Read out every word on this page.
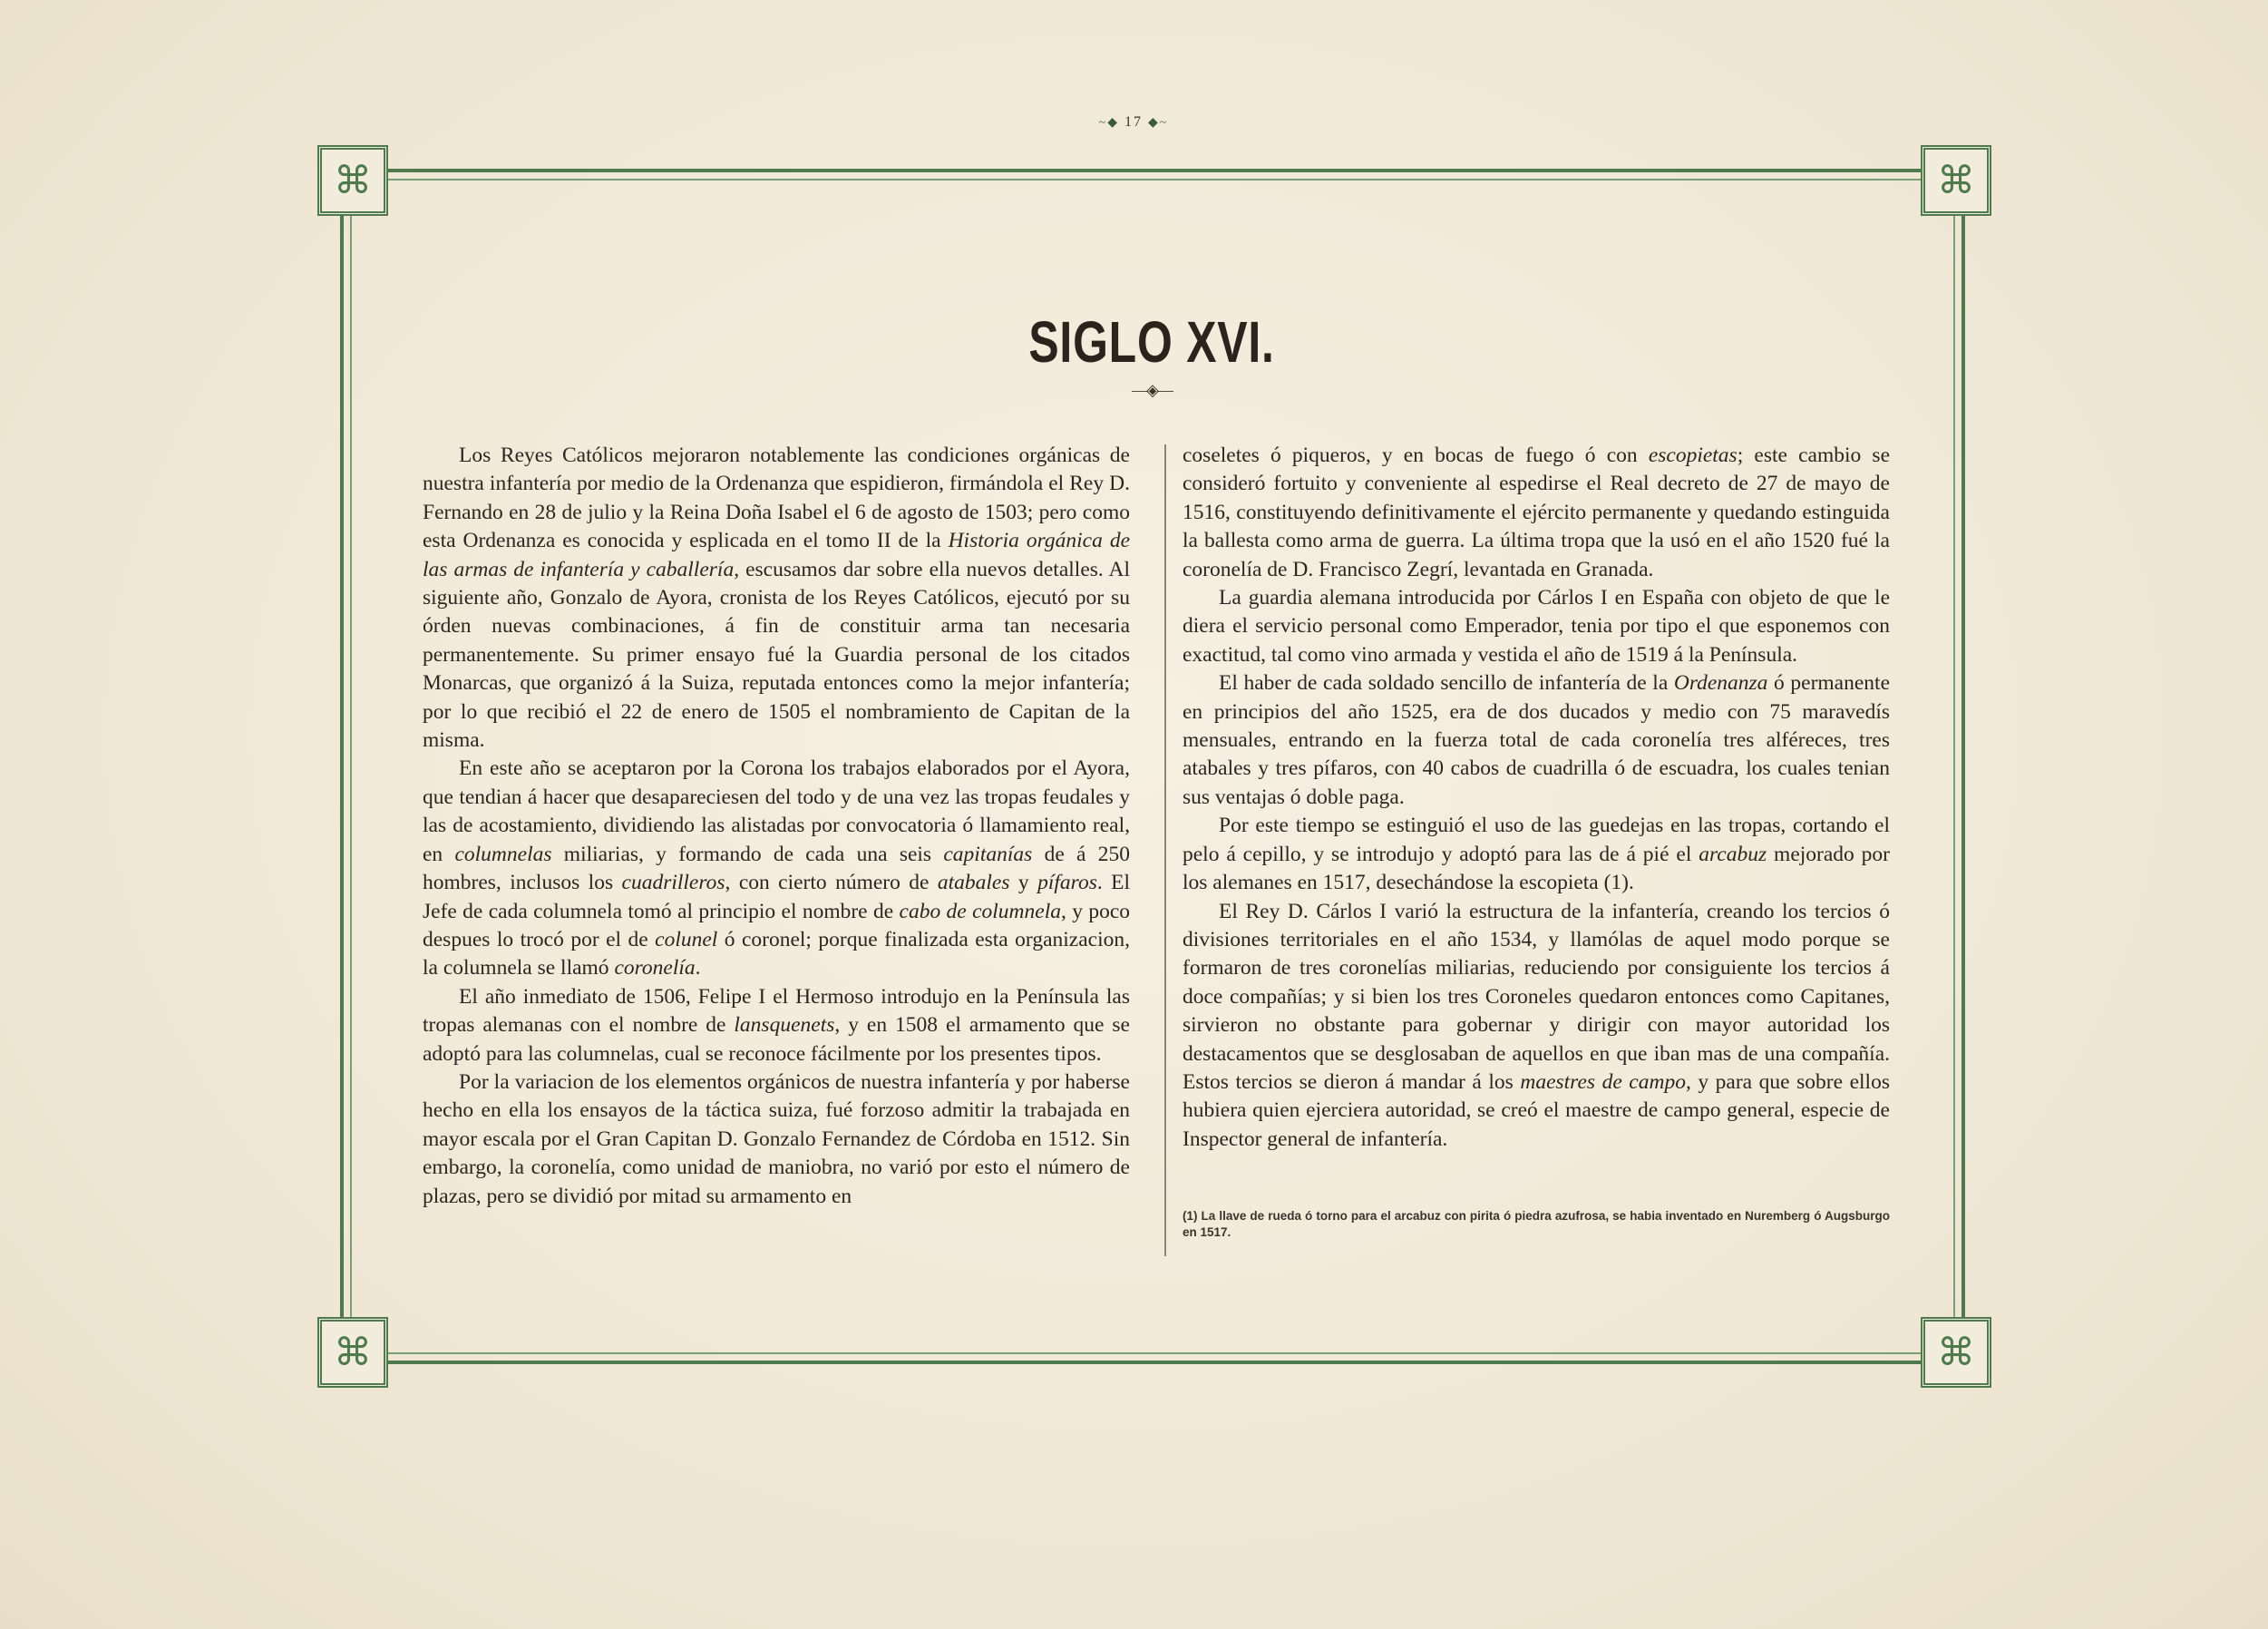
~◆ 17 ◆~
⌘	⌘
⌘	⌘
SIGLO XVI.
—◈—

Los Reyes Católicos mejoraron notablemente las condiciones orgánicas de nuestra infantería por medio de la Ordenanza que espidieron, firmándola el Rey D. Fernando en 28 de julio y la Reina Doña Isabel el 6 de agosto de 1503; pero como esta Ordenanza es conocida y esplicada en el tomo II de la Historia orgánica de las armas de infantería y caballería, escusamos dar sobre ella nuevos detalles. Al siguiente año, Gonzalo de Ayora, cronista de los Reyes Católicos, ejecutó por su órden nuevas combinaciones, á fin de constituir arma tan necesaria permanentemente. Su primer ensayo fué la Guardia personal de los citados Monarcas, que organizó á la Suiza, reputada entonces como la mejor infantería; por lo que recibió el 22 de enero de 1505 el nombramiento de Capitan de la misma.

En este año se aceptaron por la Corona los trabajos elaborados por el Ayora, que tendian á hacer que desapareciesen del todo y de una vez las tropas feudales y las de acostamiento, dividiendo las alistadas por convocatoria ó llamamiento real, en columnelas miliarias, y formando de cada una seis capitanías de á 250 hombres, inclusos los cuadrilleros, con cierto número de atabales y pífaros. El Jefe de cada columnela tomó al principio el nombre de cabo de columnela, y poco despues lo trocó por el de colunel ó coronel; porque finalizada esta organizacion, la columnela se llamó coronelía.

El año inmediato de 1506, Felipe I el Hermoso introdujo en la Península las tropas alemanas con el nombre de lansquenets, y en 1508 el armamento que se adoptó para las columnelas, cual se reconoce fácilmente por los presentes tipos.

Por la variacion de los elementos orgánicos de nuestra infantería y por haberse hecho en ella los ensayos de la táctica suiza, fué forzoso admitir la trabajada en mayor escala por el Gran Capitan D. Gonzalo Fernandez de Córdoba en 1512. Sin embargo, la coronelía, como unidad de maniobra, no varió por esto el número de plazas, pero se dividió por mitad su armamento en

coseletes ó piqueros, y en bocas de fuego ó con escopietas; este cambio se consideró fortuito y conveniente al espedirse el Real decreto de 27 de mayo de 1516, constituyendo definitivamente el ejército permanente y quedando estinguida la ballesta como arma de guerra. La última tropa que la usó en el año 1520 fué la coronelía de D. Francisco Zegrí, levantada en Granada.

La guardia alemana introducida por Cárlos I en España con objeto de que le diera el servicio personal como Emperador, tenia por tipo el que esponemos con exactitud, tal como vino armada y vestida el año de 1519 á la Península.

El haber de cada soldado sencillo de infantería de la Ordenanza ó permanente en principios del año 1525, era de dos ducados y medio con 75 maravedís mensuales, entrando en la fuerza total de cada coronelía tres alféreces, tres atabales y tres pífaros, con 40 cabos de cuadrilla ó de escuadra, los cuales tenian sus ventajas ó doble paga.

Por este tiempo se estinguió el uso de las guedejas en las tropas, cortando el pelo á cepillo, y se introdujo y adoptó para las de á pié el arcabuz mejorado por los alemanes en 1517, desechándose la escopieta (1).

El Rey D. Cárlos I varió la estructura de la infantería, creando los tercios ó divisiones territoriales en el año 1534, y llamólas de aquel modo porque se formaron de tres coronelías miliarias, reduciendo por consiguiente los tercios á doce compañías; y si bien los tres Coroneles quedaron entonces como Capitanes, sirvieron no obstante para gobernar y dirigir con mayor autoridad los destacamentos que se desglosaban de aquellos en que iban mas de una compañía. Estos tercios se dieron á mandar á los maestres de campo, y para que sobre ellos hubiera quien ejerciera autoridad, se creó el maestre de campo general, especie de Inspector general de infantería.

(1) La llave de rueda ó torno para el arcabuz con pirita ó piedra azufrosa, se habia inventado en Nuremberg ó Augsburgo en 1517.
